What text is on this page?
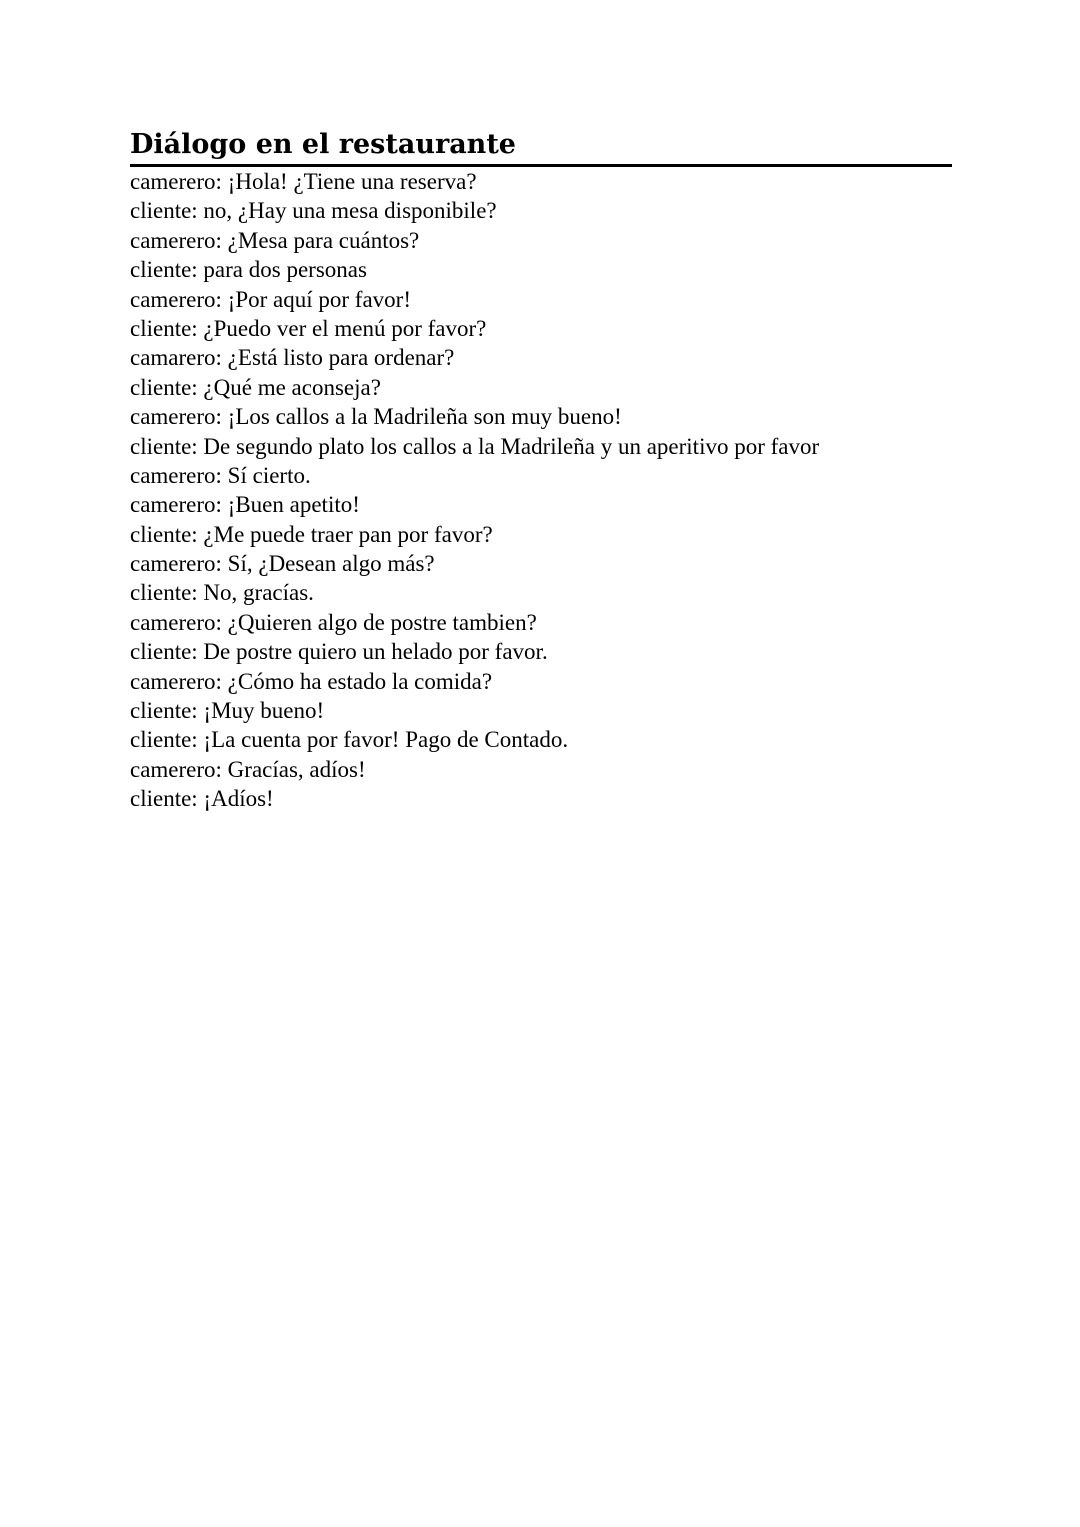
Diálogo en el restaurante
camerero: ¡Hola! ¿Tiene una reserva?
cliente: no, ¿Hay una mesa disponibile?
camerero: ¿Mesa para cuántos?
cliente: para dos personas
camerero: ¡Por aquí por favor!
cliente: ¿Puedo ver el menú por favor?
camarero: ¿Está listo para ordenar?
cliente: ¿Qué me aconseja?
camerero: ¡Los callos a la Madrileña son muy bueno!
cliente: De segundo plato los callos a la Madrileña y un aperitivo por favor
camerero: Sí cierto.
camerero: ¡Buen apetito!
cliente: ¿Me puede traer pan por favor?
camerero: Sí, ¿Desean algo más?
cliente: No, gracías.
camerero: ¿Quieren algo de postre tambien?
cliente: De postre quiero un helado por favor.
camerero: ¿Cómo ha estado la comida?
cliente: ¡Muy bueno!
cliente: ¡La cuenta por favor! Pago de Contado.
camerero: Gracías, adíos!
cliente: ¡Adíos!
